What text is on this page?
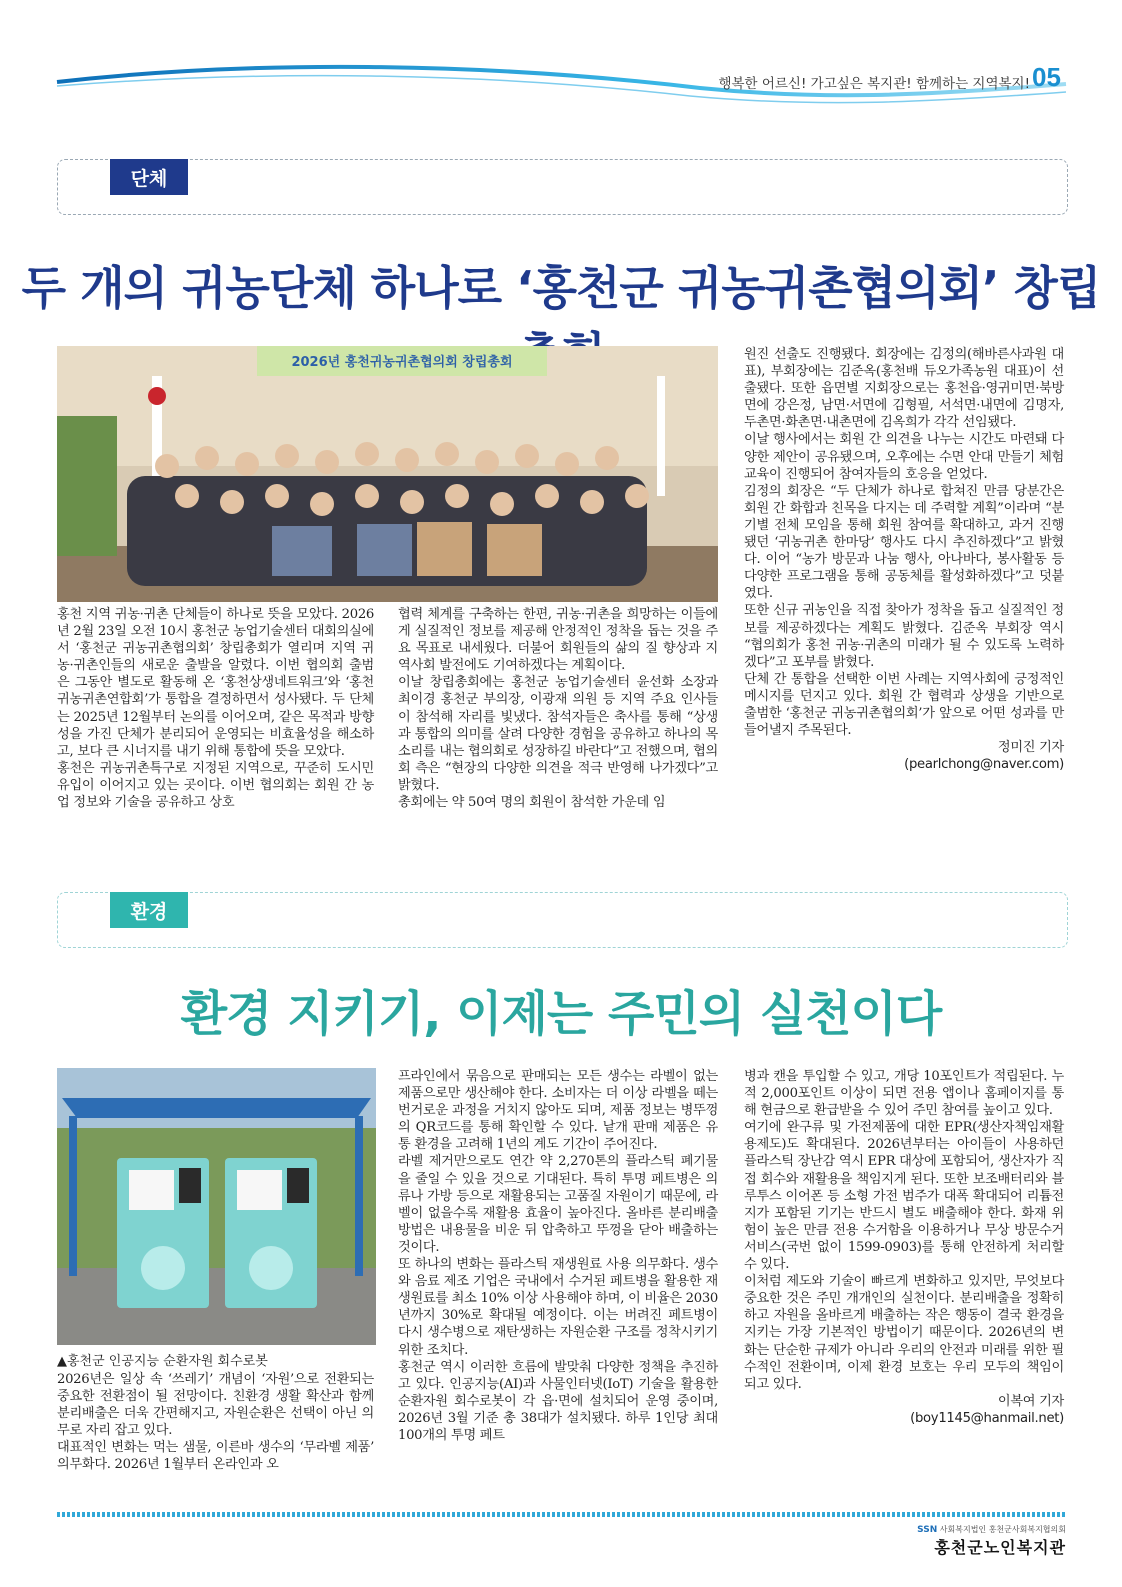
행복한 어르신! 가고싶은 복지관! 함께하는 지역복지! 05
단체
두 개의 귀농단체 하나로 ‘홍천군 귀농귀촌협의회’ 창립
2026년 홍천귀농귀촌협의회 창립총회

홍천 지역 귀농·귀촌 단체들이 하나로 뜻을 모았다. 2026년 2월 23일 오전 10시 홍천군 농업기술센터 대회의실에서 ‘홍천군 귀농귀촌협의회’ 창립총회가 열리며 지역 귀농·귀촌인들의 새로운 출발을 알렸다. 이번 협의회 출범은 그동안 별도로 활동해 온 ‘홍천상생네트워크’와 ‘홍천귀농귀촌연합회’가 통합을 결정하면서 성사됐다. 두 단체는 2025년 12월부터 논의를 이어오며, 같은 목적과 방향성을 가진 단체가 분리되어 운영되는 비효율성을 해소하고, 보다 큰 시너지를 내기 위해 통합에 뜻을 모았다.

홍천은 귀농귀촌특구로 지정된 지역으로, 꾸준히 도시민 유입이 이어지고 있는 곳이다. 이번 협의회는 회원 간 농업 정보와 기술을 공유하고 상호

협력 체계를 구축하는 한편, 귀농·귀촌을 희망하는 이들에게 실질적인 정보를 제공해 안정적인 정착을 돕는 것을 주요 목표로 내세웠다. 더불어 회원들의 삶의 질 향상과 지역사회 발전에도 기여하겠다는 계획이다.

이날 창립총회에는 홍천군 농업기술센터 윤선화 소장과 최이경 홍천군 부의장, 이광재 의원 등 지역 주요 인사들이 참석해 자리를 빛냈다. 참석자들은 축사를 통해 “상생과 통합의 의미를 살려 다양한 경험을 공유하고 하나의 목소리를 내는 협의회로 성장하길 바란다”고 전했으며, 협의회 측은 “현장의 다양한 의견을 적극 반영해 나가겠다”고 밝혔다.

총회에는 약 50여 명의 회원이 참석한 가운데 임

원진 선출도 진행됐다. 회장에는 김정의(해바른사과원 대표), 부회장에는 김준옥(홍천배 듀오가족농원 대표)이 선출됐다. 또한 읍면별 지회장으로는 홍천읍·영귀미면·북방면에 강은정, 남면·서면에 김형필, 서석면·내면에 김명자, 두촌면·화촌면·내촌면에 김옥희가 각각 선임됐다.

이날 행사에서는 회원 간 의견을 나누는 시간도 마련돼 다양한 제안이 공유됐으며, 오후에는 수면 안대 만들기 체험 교육이 진행되어 참여자들의 호응을 얻었다.

김정의 회장은 “두 단체가 하나로 합쳐진 만큼 당분간은 회원 간 화합과 친목을 다지는 데 주력할 계획”이라며 “분기별 전체 모임을 통해 회원 참여를 확대하고, 과거 진행됐던 ‘귀농귀촌 한마당’ 행사도 다시 추진하겠다”고 밝혔다. 이어 “농가 방문과 나눔 행사, 아나바다, 봉사활동 등 다양한 프로그램을 통해 공동체를 활성화하겠다”고 덧붙였다.

또한 신규 귀농인을 직접 찾아가 정착을 돕고 실질적인 정보를 제공하겠다는 계획도 밝혔다. 김준옥 부회장 역시 “협의회가 홍천 귀농·귀촌의 미래가 될 수 있도록 노력하겠다”고 포부를 밝혔다.

단체 간 통합을 선택한 이번 사례는 지역사회에 긍정적인 메시지를 던지고 있다. 회원 간 협력과 상생을 기반으로 출범한 ‘홍천군 귀농귀촌협의회’가 앞으로 어떤 성과를 만들어낼지 주목된다.

정미진 기자

(pearlchong@naver.com)

환경
환경 지키기, 이제는 주민의 실천이다
▲홍천군 인공지능 순환자원 회수로봇

2026년은 일상 속 ‘쓰레기’ 개념이 ‘자원’으로 전환되는 중요한 전환점이 될 전망이다. 친환경 생활 확산과 함께 분리배출은 더욱 간편해지고, 자원순환은 선택이 아닌 의무로 자리 잡고 있다.

대표적인 변화는 먹는 샘물, 이른바 생수의 ‘무라벨 제품’ 의무화다. 2026년 1월부터 온라인과 오

프라인에서 묶음으로 판매되는 모든 생수는 라벨이 없는 제품으로만 생산해야 한다. 소비자는 더 이상 라벨을 떼는 번거로운 과정을 거치지 않아도 되며, 제품 정보는 병뚜껑의 QR코드를 통해 확인할 수 있다. 낱개 판매 제품은 유통 환경을 고려해 1년의 계도 기간이 주어진다.

라벨 제거만으로도 연간 약 2,270톤의 플라스틱 폐기물을 줄일 수 있을 것으로 기대된다. 특히 투명 페트병은 의류나 가방 등으로 재활용되는 고품질 자원이기 때문에, 라벨이 없을수록 재활용 효율이 높아진다. 올바른 분리배출 방법은 내용물을 비운 뒤 압축하고 뚜껑을 닫아 배출하는 것이다.

또 하나의 변화는 플라스틱 재생원료 사용 의무화다. 생수와 음료 제조 기업은 국내에서 수거된 페트병을 활용한 재생원료를 최소 10% 이상 사용해야 하며, 이 비율은 2030년까지 30%로 확대될 예정이다. 이는 버려진 페트병이 다시 생수병으로 재탄생하는 자원순환 구조를 정착시키기 위한 조치다.

홍천군 역시 이러한 흐름에 발맞춰 다양한 정책을 추진하고 있다. 인공지능(AI)과 사물인터넷(IoT) 기술을 활용한 순환자원 회수로봇이 각 읍·면에 설치되어 운영 중이며, 2026년 3월 기준 총 38대가 설치됐다. 하루 1인당 최대 100개의 투명 페트

병과 캔을 투입할 수 있고, 개당 10포인트가 적립된다. 누적 2,000포인트 이상이 되면 전용 앱이나 홈페이지를 통해 현금으로 환급받을 수 있어 주민 참여를 높이고 있다.

여기에 완구류 및 가전제품에 대한 EPR(생산자책임재활용제도)도 확대된다. 2026년부터는 아이들이 사용하던 플라스틱 장난감 역시 EPR 대상에 포함되어, 생산자가 직접 회수와 재활용을 책임지게 된다. 또한 보조배터리와 블루투스 이어폰 등 소형 가전 범주가 대폭 확대되어 리튬전지가 포함된 기기는 반드시 별도 배출해야 한다. 화재 위험이 높은 만큼 전용 수거함을 이용하거나 무상 방문수거 서비스(국번 없이 1599-0903)를 통해 안전하게 처리할 수 있다.

이처럼 제도와 기술이 빠르게 변화하고 있지만, 무엇보다 중요한 것은 주민 개개인의 실천이다. 분리배출을 정확히 하고 자원을 올바르게 배출하는 작은 행동이 결국 환경을 지키는 가장 기본적인 방법이기 때문이다. 2026년의 변화는 단순한 규제가 아니라 우리의 안전과 미래를 위한 필수적인 전환이며, 이제 환경 보호는 우리 모두의 책임이 되고 있다.

이복여 기자

(boy1145@hanmail.net)

SSN 사회복지법인 홍천군사회복지협의회
홍천군노인복지관
